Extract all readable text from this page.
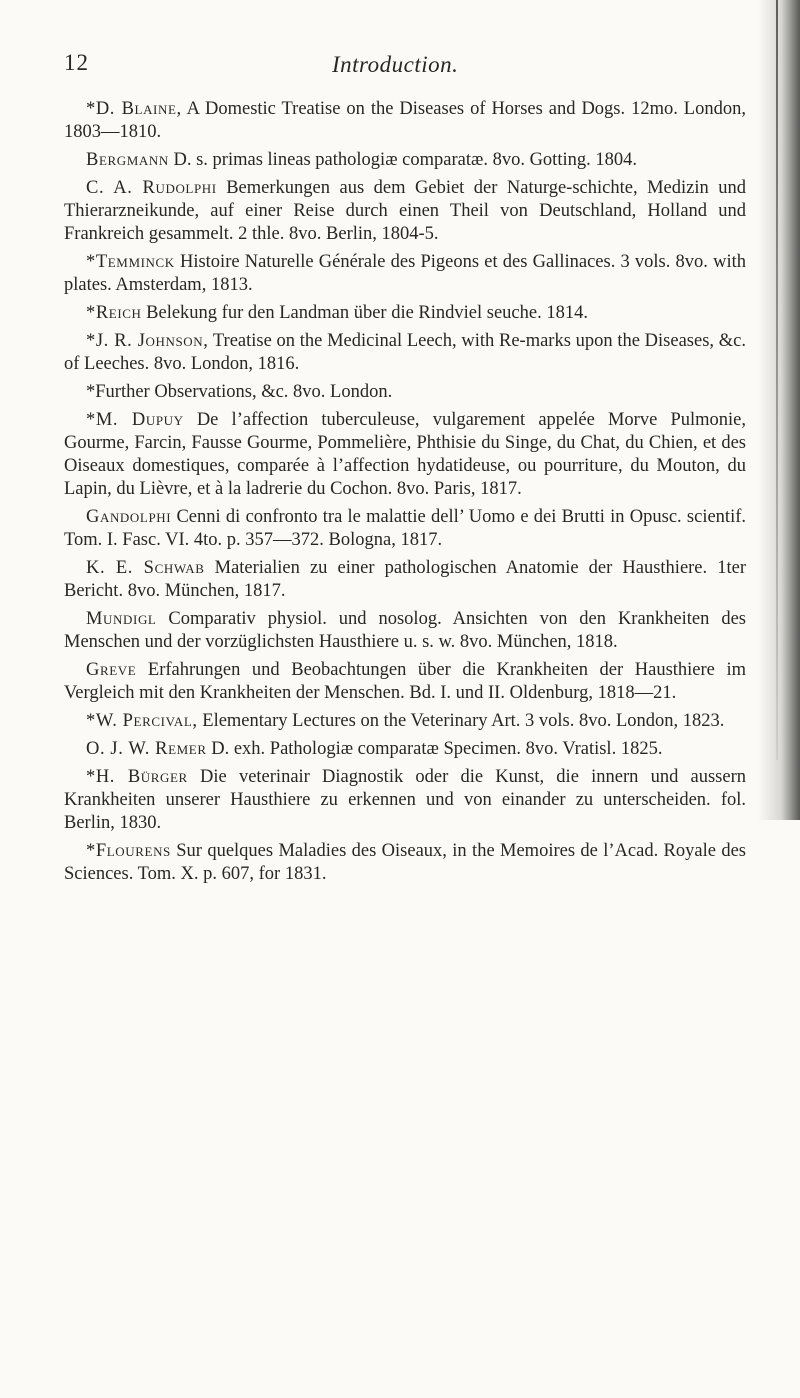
12	Introduction.

*D. Blaine, A Domestic Treatise on the Diseases of Horses and Dogs. 12mo. London, 1803—1810.

Bergmann D. s. primas lineas pathologiæ comparatæ. 8vo. Gotting. 1804.

C. A. Rudolphi Bemerkungen aus dem Gebiet der Naturge-schichte, Medizin und Thierarzneikunde, auf einer Reise durch einen Theil von Deutschland, Holland und Frankreich gesammelt. 2 thle. 8vo. Berlin, 1804-5.

*Temminck Histoire Naturelle Générale des Pigeons et des Gallinaces. 3 vols. 8vo. with plates. Amsterdam, 1813.

*Reich Belekung fur den Landman über die Rindviel seuche. 1814.

*J. R. Johnson, Treatise on the Medicinal Leech, with Re-marks upon the Diseases, &c. of Leeches. 8vo. London, 1816.

*Further Observations, &c. 8vo. London.

*M. Dupuy De l’affection tuberculeuse, vulgarement appelée Morve Pulmonie, Gourme, Farcin, Fausse Gourme, Pommelière, Phthisie du Singe, du Chat, du Chien, et des Oiseaux domestiques, comparée à l’affection hydatideuse, ou pourriture, du Mouton, du Lapin, du Lièvre, et à la ladrerie du Cochon. 8vo. Paris, 1817.

Gandolphi Cenni di confronto tra le malattie dell’ Uomo e dei Brutti in Opusc. scientif. Tom. I. Fasc. VI. 4to. p. 357—372. Bologna, 1817.

K. E. Schwab Materialien zu einer pathologischen Anatomie der Hausthiere. 1ter Bericht. 8vo. München, 1817.

Mundigl Comparativ physiol. und nosolog. Ansichten von den Krankheiten des Menschen und der vorzüglichsten Hausthiere u. s. w. 8vo. München, 1818.

Greve Erfahrungen und Beobachtungen über die Krankheiten der Hausthiere im Vergleich mit den Krankheiten der Menschen. Bd. I. und II. Oldenburg, 1818—21.

*W. Percival, Elementary Lectures on the Veterinary Art. 3 vols. 8vo. London, 1823.

O. J. W. Remer D. exh. Pathologiæ comparatæ Specimen. 8vo. Vratisl. 1825.

*H. Bürger Die veterinair Diagnostik oder die Kunst, die innern und aussern Krankheiten unserer Hausthiere zu erkennen und von einander zu unterscheiden. fol. Berlin, 1830.

*Flourens Sur quelques Maladies des Oiseaux, in the Memoires de l’Acad. Royale des Sciences. Tom. X. p. 607, for 1831.
